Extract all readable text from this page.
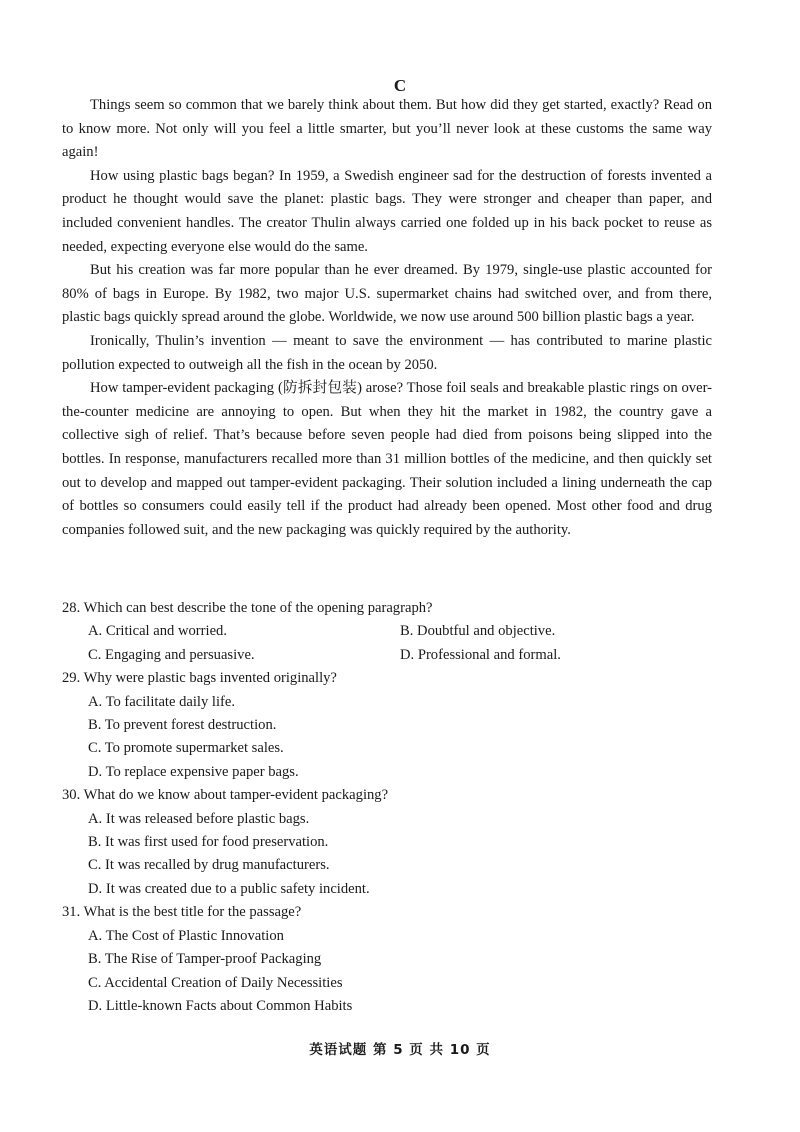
C

Things seem so common that we barely think about them. But how did they get started, exactly? Read on to know more. Not only will you feel a little smarter, but you’ll never look at these customs the same way again!

How using plastic bags began? In 1959, a Swedish engineer sad for the destruction of forests invented a product he thought would save the planet: plastic bags. They were stronger and cheaper than paper, and included convenient handles. The creator Thulin always carried one folded up in his back pocket to reuse as needed, expecting everyone else would do the same.

But his creation was far more popular than he ever dreamed. By 1979, single-use plastic accounted for 80% of bags in Europe. By 1982, two major U.S. supermarket chains had switched over, and from there, plastic bags quickly spread around the globe. Worldwide, we now use around 500 billion plastic bags a year.

Ironically, Thulin’s invention — meant to save the environment — has contributed to marine plastic pollution expected to outweigh all the fish in the ocean by 2050.

How tamper-evident packaging (防拆封包装) arose? Those foil seals and breakable plastic rings on over-the-counter medicine are annoying to open. But when they hit the market in 1982, the country gave a collective sigh of relief. That’s because before seven people had died from poisons being slipped into the bottles. In response, manufacturers recalled more than 31 million bottles of the medicine, and then quickly set out to develop and mapped out tamper-evident packaging. Their solution included a lining underneath the cap of bottles so consumers could easily tell if the product had already been opened. Most other food and drug companies followed suit, and the new packaging was quickly required by the authority.

28. Which can best describe the tone of the opening paragraph?
A. Critical and worried.	B. Doubtful and objective.
C. Engaging and persuasive.	D. Professional and formal.
29. Why were plastic bags invented originally?
A. To facilitate daily life.
B. To prevent forest destruction.
C. To promote supermarket sales.
D. To replace expensive paper bags.
30. What do we know about tamper-evident packaging?
A. It was released before plastic bags.
B. It was first used for food preservation.
C. It was recalled by drug manufacturers.
D. It was created due to a public safety incident.
31. What is the best title for the passage?
A. The Cost of Plastic Innovation
B. The Rise of Tamper-proof Packaging
C. Accidental Creation of Daily Necessities
D. Little-known Facts about Common Habits
英语试题 第 5 页 共 10 页
